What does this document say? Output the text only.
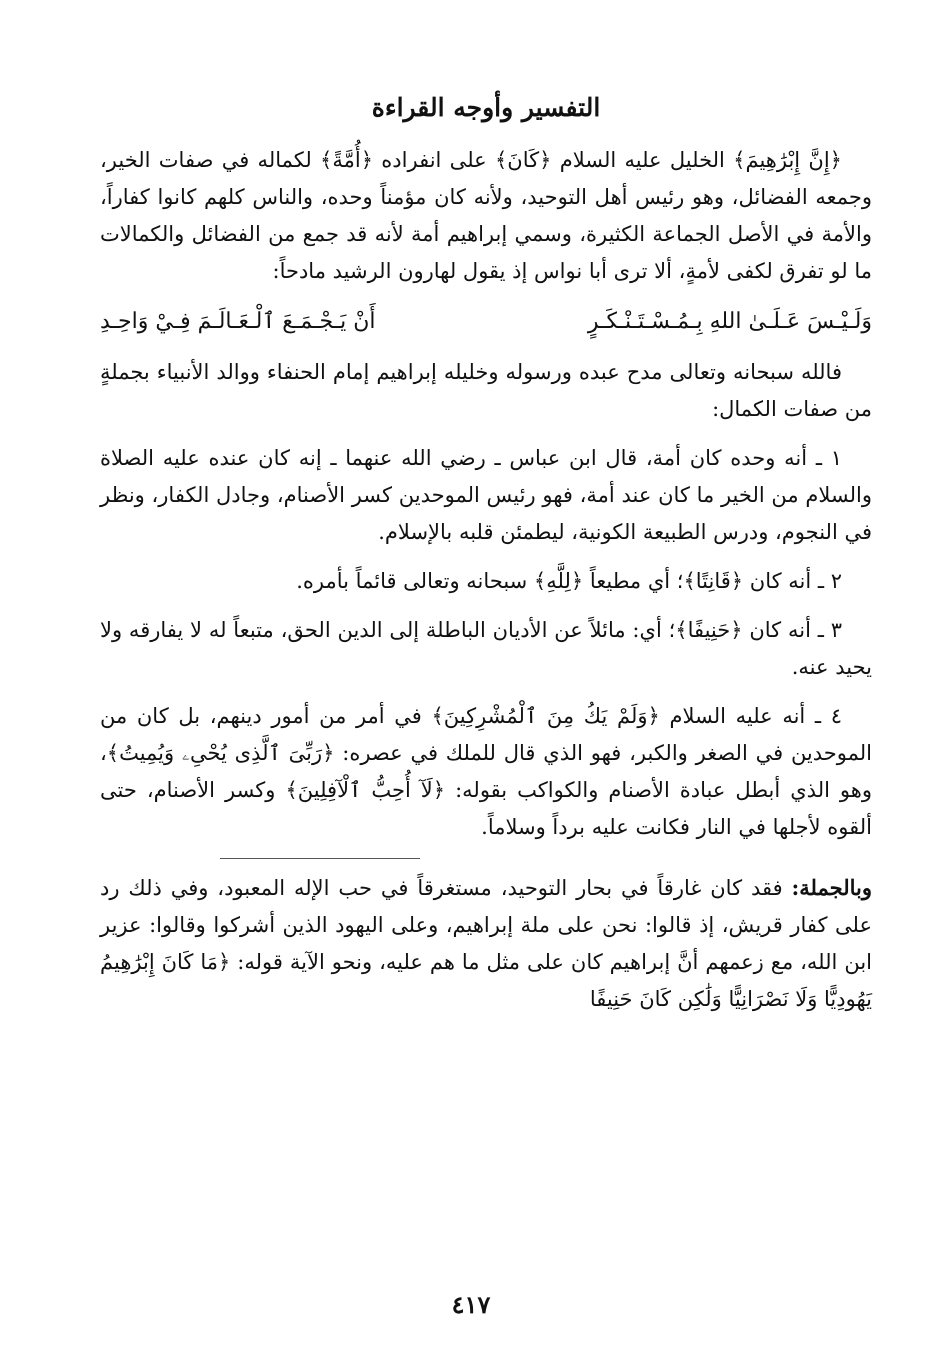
التفسير وأوجه القراءة

﴿إِنَّ إِبْرَٰهِيمَ﴾ الخليل عليه السلام ﴿كَانَ﴾ على انفراده ﴿أُمَّةً﴾ لكماله في صفات الخير، وجمعه الفضائل، وهو رئيس أهل التوحيد، ولأنه كان مؤمناً وحده، والناس كلهم كانوا كفاراً، والأمة في الأصل الجماعة الكثيرة، وسمي إبراهيم أمة لأنه قد جمع من الفضائل والكمالات ما لو تفرق لكفى لأمةٍ، ألا ترى أبا نواس إذ يقول لهارون الرشيد مادحاً:

وَلَـيْـسَ عَـلَـىٰ اللهِ بِـمُـسْـتَـنْـكَـرٍ
أَنْ يَـجْـمَـعَ ٱلْـعَـالَـمَ فِـيْ وَاحِـدِ

فالله سبحانه وتعالى مدح عبده ورسوله وخليله إبراهيم إمام الحنفاء ووالد الأنبياء بجملةٍ من صفات الكمال:

١ ـ أنه وحده كان أمة، قال ابن عباس ـ رضي الله عنهما ـ إنه كان عنده عليه الصلاة والسلام من الخير ما كان عند أمة، فهو رئيس الموحدين كسر الأصنام، وجادل الكفار، ونظر في النجوم، ودرس الطبيعة الكونية، ليطمئن قلبه بالإسلام.

٢ ـ أنه كان ﴿قَانِتًا﴾؛ أي مطيعاً ﴿لِلَّهِ﴾ سبحانه وتعالى قائماً بأمره.

٣ ـ أنه كان ﴿حَنِيفًا﴾؛ أي: مائلاً عن الأديان الباطلة إلى الدين الحق، متبعاً له لا يفارقه ولا يحيد عنه.

٤ ـ أنه عليه السلام ﴿وَلَمْ يَكُ مِنَ ٱلْمُشْرِكِينَ﴾ في أمر من أمور دينهم، بل كان من الموحدين في الصغر والكبر، فهو الذي قال للملك في عصره: ﴿رَبِّىَ ٱلَّذِى يُحْىِۦ وَيُمِيتُ﴾، وهو الذي أبطل عبادة الأصنام والكواكب بقوله: ﴿لَآ أُحِبُّ ٱلْآفِلِينَ﴾ وكسر الأصنام، حتى ألقوه لأجلها في النار فكانت عليه برداً وسلاماً.

وبالجملة: فقد كان غارقاً في بحار التوحيد، مستغرقاً في حب الإله المعبود، وفي ذلك رد على كفار قريش، إذ قالوا: نحن على ملة إبراهيم، وعلى اليهود الذين أشركوا وقالوا: عزير ابن الله، مع زعمهم أنَّ إبراهيم كان على مثل ما هم عليه، ونحو الآية قوله: ﴿مَا كَانَ إِبْرَٰهِيمُ يَهُودِيًّا وَلَا نَصْرَانِيًّا وَلَٰكِن كَانَ حَنِيفًا

٤١٧
